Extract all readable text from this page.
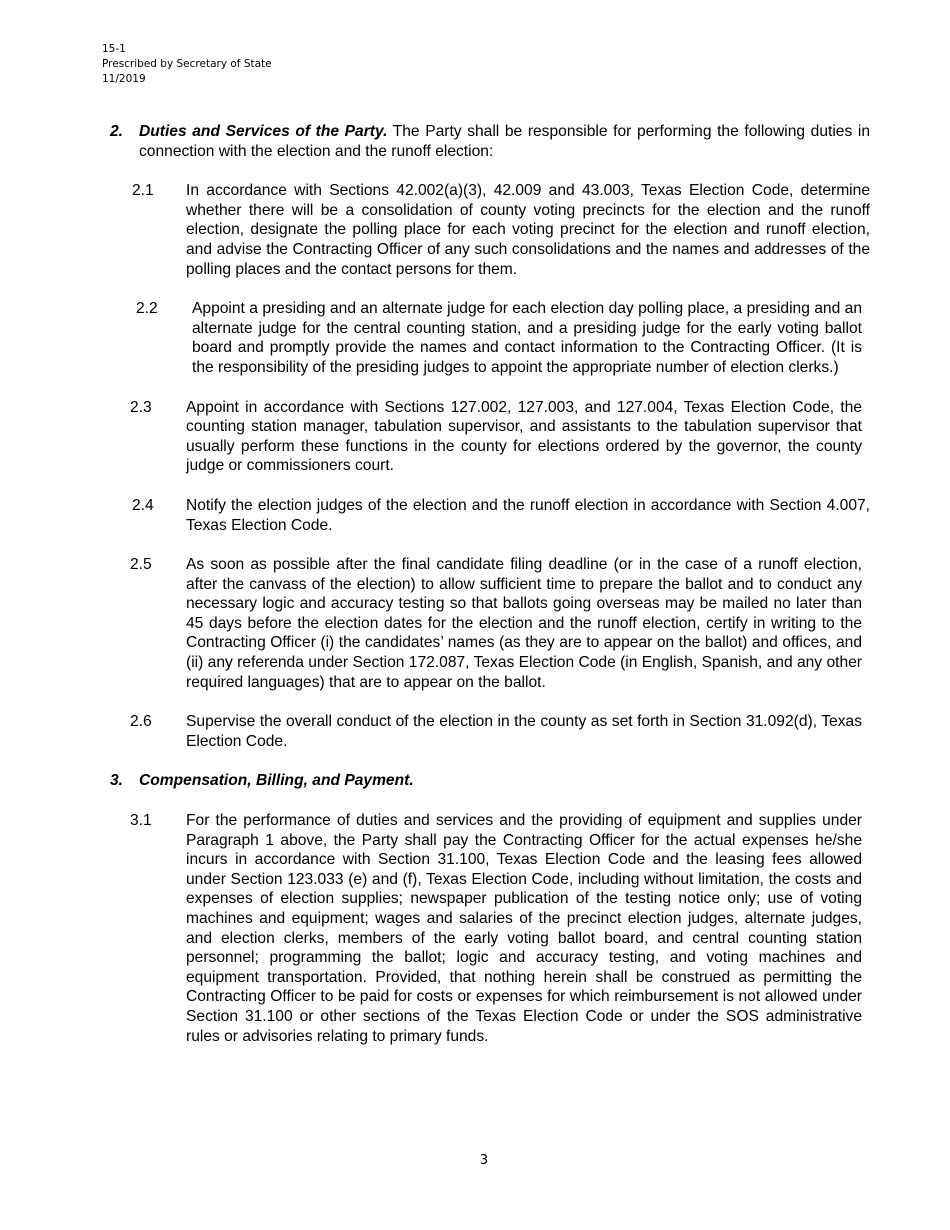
15-1
Prescribed by Secretary of State
11/2019
2.	Duties and Services of the Party. The Party shall be responsible for performing the following duties in connection with the election and the runoff election:
2.1	In accordance with Sections 42.002(a)(3), 42.009 and 43.003, Texas Election Code, determine whether there will be a consolidation of county voting precincts for the election and the runoff election, designate the polling place for each voting precinct for the election and runoff election, and advise the Contracting Officer of any such consolidations and the names and addresses of the polling places and the contact persons for them.
2.2	Appoint a presiding and an alternate judge for each election day polling place, a presiding and an alternate judge for the central counting station, and a presiding judge for the early voting ballot board and promptly provide the names and contact information to the Contracting Officer. (It is the responsibility of the presiding judges to appoint the appropriate number of election clerks.)
2.3	Appoint in accordance with Sections 127.002, 127.003, and 127.004, Texas Election Code, the counting station manager, tabulation supervisor, and assistants to the tabulation supervisor that usually perform these functions in the county for elections ordered by the governor, the county judge or commissioners court.
2.4	Notify the election judges of the election and the runoff election in accordance with Section 4.007, Texas Election Code.
2.5	As soon as possible after the final candidate filing deadline (or in the case of a runoff election, after the canvass of the election) to allow sufficient time to prepare the ballot and to conduct any necessary logic and accuracy testing so that ballots going overseas may be mailed no later than 45 days before the election dates for the election and the runoff election, certify in writing to the Contracting Officer (i) the candidates’ names (as they are to appear on the ballot) and offices, and (ii) any referenda under Section 172.087, Texas Election Code (in English, Spanish, and any other required languages) that are to appear on the ballot.
2.6	Supervise the overall conduct of the election in the county as set forth in Section 31.092(d), Texas Election Code.
3.	Compensation, Billing, and Payment.
3.1	For the performance of duties and services and the providing of equipment and supplies under Paragraph 1 above, the Party shall pay the Contracting Officer for the actual expenses he/she incurs in accordance with Section 31.100, Texas Election Code and the leasing fees allowed under Section 123.033 (e) and (f), Texas Election Code, including without limitation, the costs and expenses of election supplies; newspaper publication of the testing notice only; use of voting machines and equipment; wages and salaries of the precinct election judges, alternate judges, and election clerks, members of the early voting ballot board, and central counting station personnel; programming the ballot; logic and accuracy testing, and voting machines and equipment transportation. Provided, that nothing herein shall be construed as permitting the Contracting Officer to be paid for costs or expenses for which reimbursement is not allowed under Section 31.100 or other sections of the Texas Election Code or under the SOS administrative rules or advisories relating to primary funds.
3
